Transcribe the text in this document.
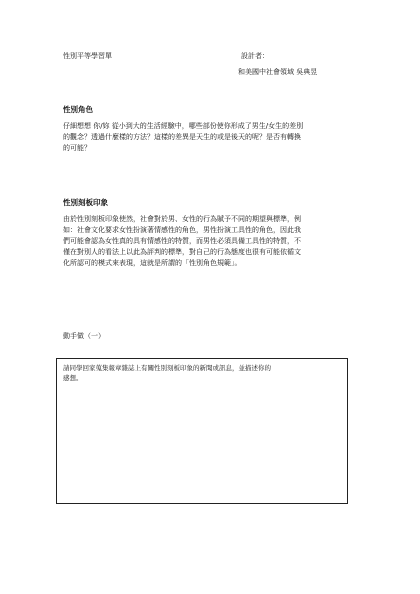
性別平等學習單	設計者：
和美國中社會領域 吳典昱
性別角色
仔細想想 你/妳 從小到大的生活經驗中，哪些部份使你形成了男生/女生的差別
的觀念？透過什麼樣的方法？這樣的差異是天生的或是後天的呢？是否有轉換
的可能？
性別刻板印象
由於性別刻板印象使然，社會對於男、女性的行為賦予不同的期望與標準，例
如：社會文化要求女性扮演著情感性的角色，男性扮演工具性的角色，因此我
們可能會認為女性真的具有情感性的特質，而男性必須具備工具性的特質，不
僅在對別人的看法上以此為評判的標準，對自己的行為態度也很有可能依循文
化所認可的模式來表現，這就是所謂的「性別角色規範」。
動手做（一）
請同學回家蒐集報章雜誌上有關性別刻板印象的新聞或訊息，並描述你的
感想。
